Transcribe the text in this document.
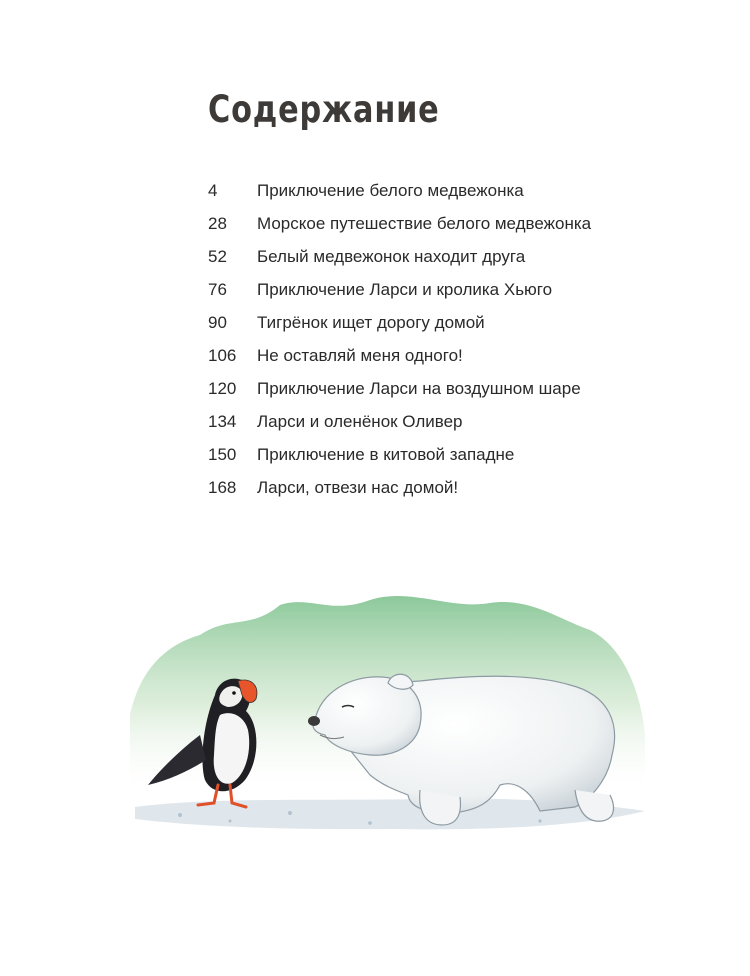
Содержание
4	Приключение белого медвежонка
28	Морское путешествие белого медвежонка
52	Белый медвежонок находит друга
76	Приключение Ларси и кролика Хьюго
90	Тигрёнок ищет дорогу домой
106	Не оставляй меня одного!
120	Приключение Ларси на воздушном шаре
134	Ларси и оленёнок Оливер
150	Приключение в китовой западне
168	Ларси, отвези нас домой!
